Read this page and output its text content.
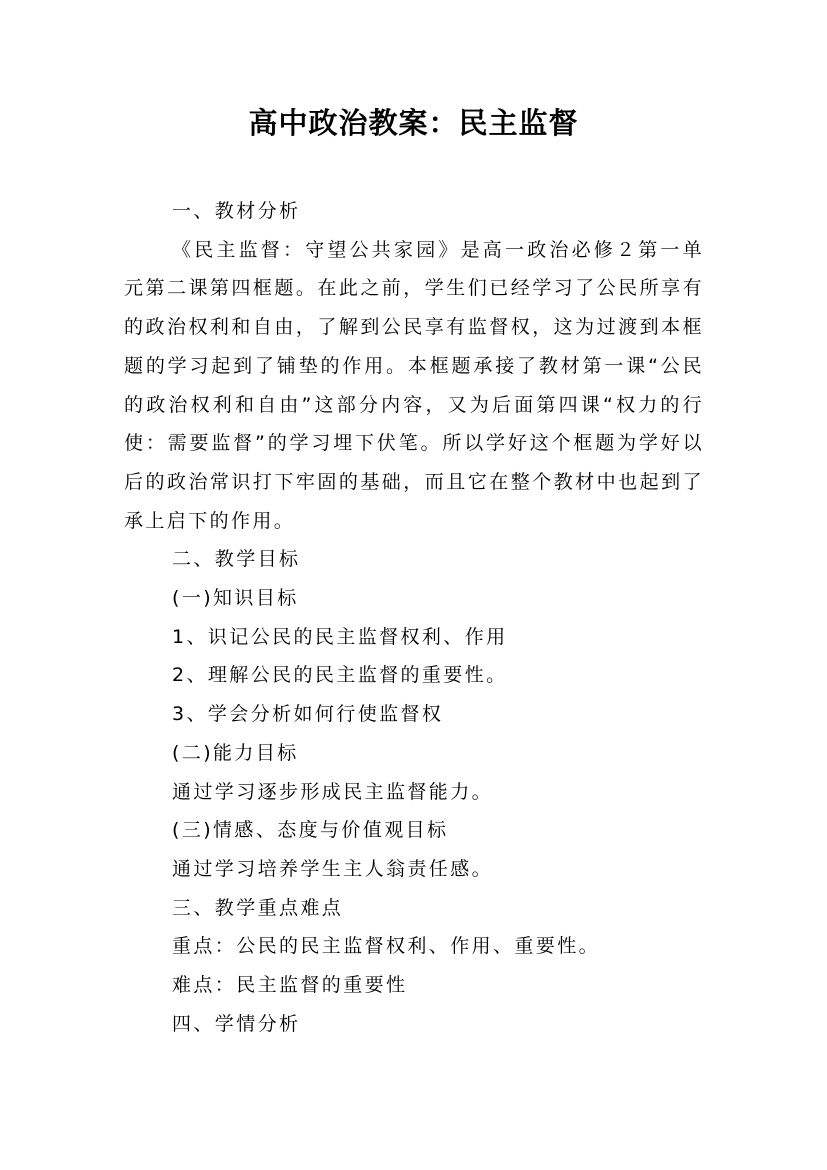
高中政治教案：民主监督

一、教材分析

《民主监督：守望公共家园》是高一政治必修２第一单元第二课第四框题。在此之前，学生们已经学习了公民所享有的政治权利和自由，了解到公民享有监督权，这为过渡到本框题的学习起到了铺垫的作用。本框题承接了教材第一课“公民的政治权利和自由”这部分内容，又为后面第四课“权力的行使：需要监督”的学习埋下伏笔。所以学好这个框题为学好以后的政治常识打下牢固的基础，而且它在整个教材中也起到了承上启下的作用。

二、教学目标

(一)知识目标

1、识记公民的民主监督权利、作用

2、理解公民的民主监督的重要性。

3、学会分析如何行使监督权

(二)能力目标

通过学习逐步形成民主监督能力。

(三)情感、态度与价值观目标

通过学习培养学生主人翁责任感。

三、教学重点难点

重点：公民的民主监督权利、作用、重要性。

难点：民主监督的重要性

四、学情分析
